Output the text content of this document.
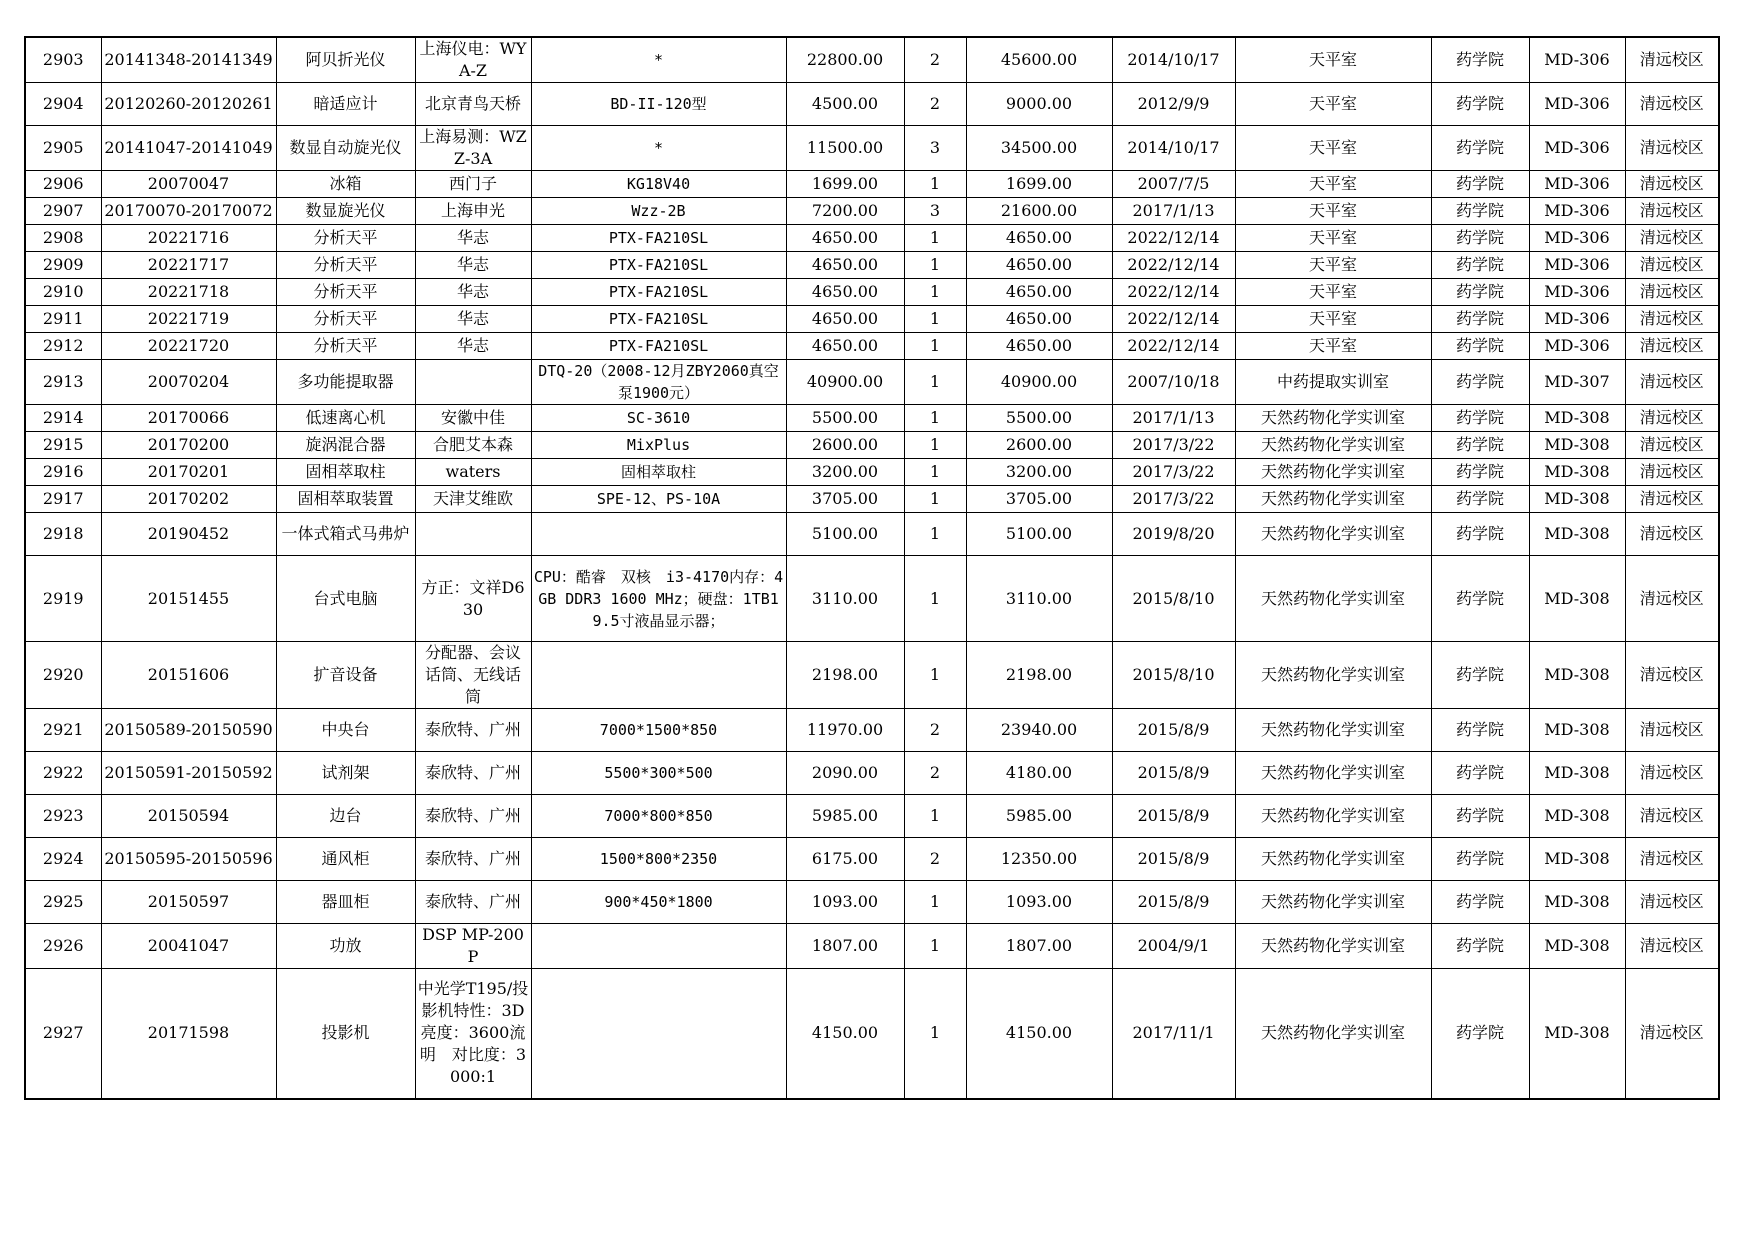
2903	20141348-20141349	阿贝折光仪	上海仪电：WYA-Z	*	22800.00	2	45600.00	2014/10/17	天平室	药学院	MD-306	清远校区
2904	20120260-20120261	暗适应计	北京青鸟天桥	BD-II-120型	4500.00	2	9000.00	2012/9/9	天平室	药学院	MD-306	清远校区
2905	20141047-20141049	数显自动旋光仪	上海易测：WZZ-3A	*	11500.00	3	34500.00	2014/10/17	天平室	药学院	MD-306	清远校区
2906	20070047	冰箱	西门子	KG18V40	1699.00	1	1699.00	2007/7/5	天平室	药学院	MD-306	清远校区
2907	20170070-20170072	数显旋光仪	上海申光	Wzz-2B	7200.00	3	21600.00	2017/1/13	天平室	药学院	MD-306	清远校区
2908	20221716	分析天平	华志	PTX-FA210SL	4650.00	1	4650.00	2022/12/14	天平室	药学院	MD-306	清远校区
2909	20221717	分析天平	华志	PTX-FA210SL	4650.00	1	4650.00	2022/12/14	天平室	药学院	MD-306	清远校区
2910	20221718	分析天平	华志	PTX-FA210SL	4650.00	1	4650.00	2022/12/14	天平室	药学院	MD-306	清远校区
2911	20221719	分析天平	华志	PTX-FA210SL	4650.00	1	4650.00	2022/12/14	天平室	药学院	MD-306	清远校区
2912	20221720	分析天平	华志	PTX-FA210SL	4650.00	1	4650.00	2022/12/14	天平室	药学院	MD-306	清远校区
2913	20070204	多功能提取器		DTQ-20（2008-12月ZBY2060真空泵1900元）	40900.00	1	40900.00	2007/10/18	中药提取实训室	药学院	MD-307	清远校区
2914	20170066	低速离心机	安徽中佳	SC-3610	5500.00	1	5500.00	2017/1/13	天然药物化学实训室	药学院	MD-308	清远校区
2915	20170200	旋涡混合器	合肥艾本森	MixPlus	2600.00	1	2600.00	2017/3/22	天然药物化学实训室	药学院	MD-308	清远校区
2916	20170201	固相萃取柱	waters	固相萃取柱	3200.00	1	3200.00	2017/3/22	天然药物化学实训室	药学院	MD-308	清远校区
2917	20170202	固相萃取装置	天津艾维欧	SPE-12、PS-10A	3705.00	1	3705.00	2017/3/22	天然药物化学实训室	药学院	MD-308	清远校区
2918	20190452	一体式箱式马弗炉			5100.00	1	5100.00	2019/8/20	天然药物化学实训室	药学院	MD-308	清远校区
2919	20151455	台式电脑	方正：文祥D630	CPU：酷睿　双核　i3-4170内存：4GB DDR3 1600 MHz；硬盘：1TB19.5寸液晶显示器；	3110.00	1	3110.00	2015/8/10	天然药物化学实训室	药学院	MD-308	清远校区
2920	20151606	扩音设备	分配器、会议话筒、无线话筒		2198.00	1	2198.00	2015/8/10	天然药物化学实训室	药学院	MD-308	清远校区
2921	20150589-20150590	中央台	泰欣特、广州	7000*1500*850	11970.00	2	23940.00	2015/8/9	天然药物化学实训室	药学院	MD-308	清远校区
2922	20150591-20150592	试剂架	泰欣特、广州	5500*300*500	2090.00	2	4180.00	2015/8/9	天然药物化学实训室	药学院	MD-308	清远校区
2923	20150594	边台	泰欣特、广州	7000*800*850	5985.00	1	5985.00	2015/8/9	天然药物化学实训室	药学院	MD-308	清远校区
2924	20150595-20150596	通风柜	泰欣特、广州	1500*800*2350	6175.00	2	12350.00	2015/8/9	天然药物化学实训室	药学院	MD-308	清远校区
2925	20150597	器皿柜	泰欣特、广州	900*450*1800	1093.00	1	1093.00	2015/8/9	天然药物化学实训室	药学院	MD-308	清远校区
2926	20041047	功放	DSP MP-200P		1807.00	1	1807.00	2004/9/1	天然药物化学实训室	药学院	MD-308	清远校区
2927	20171598	投影机	中光学T195/投影机特性：3D　亮度：3600流明　对比度：3000:1		4150.00	1	4150.00	2017/11/1	天然药物化学实训室	药学院	MD-308	清远校区
